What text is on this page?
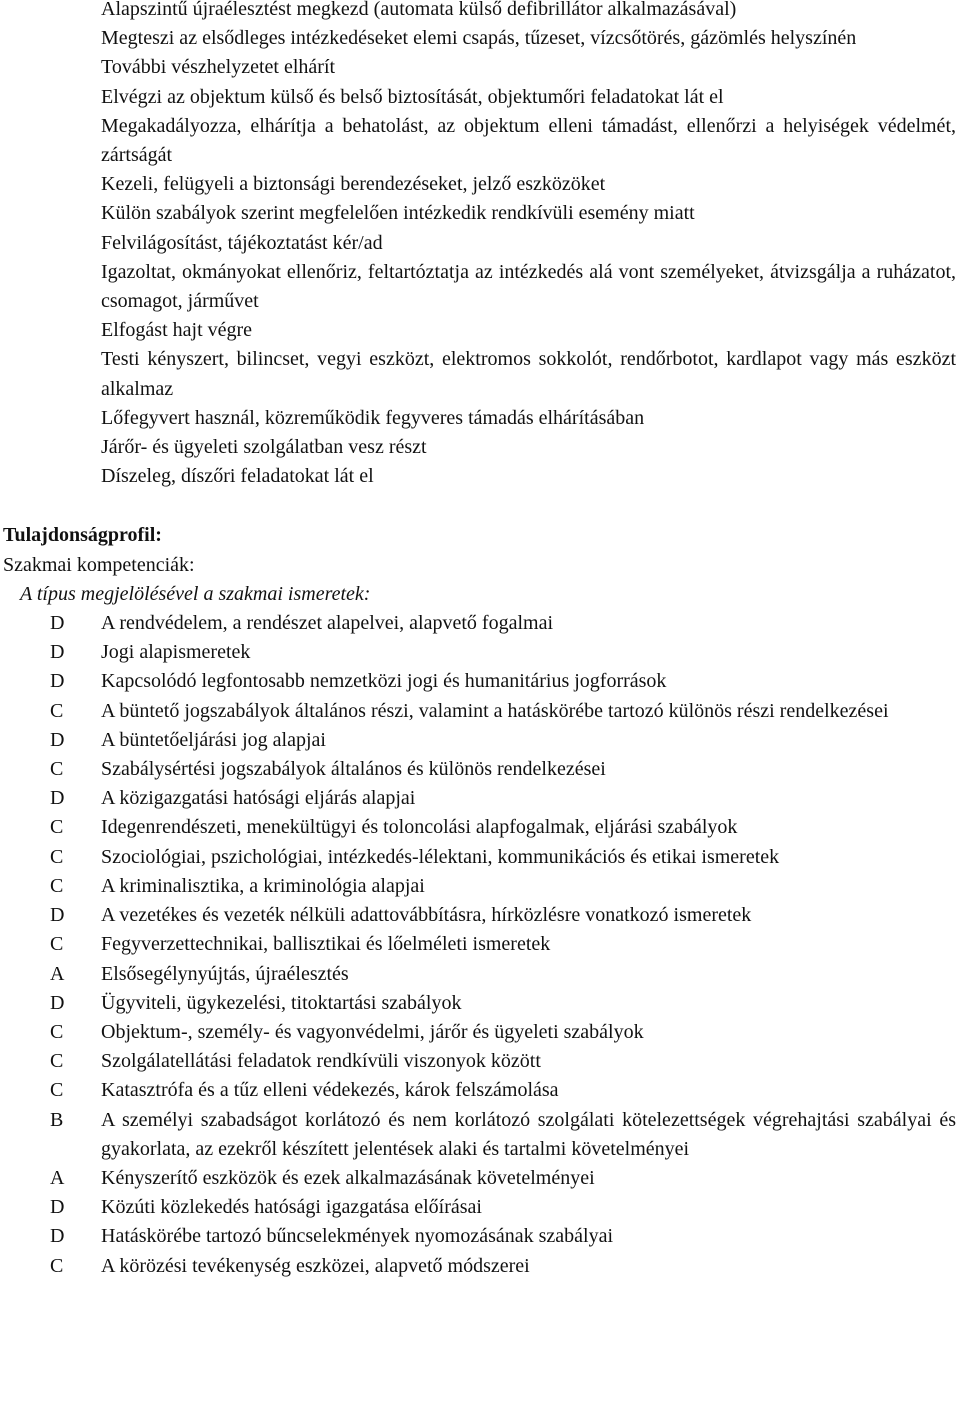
Alapszintű újraélesztést megkezd (automata külső defibrillátor alkalmazásával)
Megteszi az elsődleges intézkedéseket elemi csapás, tűzeset, vízcsőtörés, gázömlés helyszínén
További vészhelyzetet elhárít
Elvégzi az objektum külső és belső biztosítását, objektumőri feladatokat lát el
Megakadályozza, elhárítja a behatolást, az objektum elleni támadást, ellenőrzi a helyiségek védelmét, zártságát
Kezeli, felügyeli a biztonsági berendezéseket, jelző eszközöket
Külön szabályok szerint megfelelően intézkedik rendkívüli esemény miatt
Felvilágosítást, tájékoztatást kér/ad
Igazoltat, okmányokat ellenőriz, feltartóztatja az intézkedés alá vont személyeket, átvizsgálja a ruházatot, csomagot, járművet
Elfogást hajt végre
Testi kényszert, bilincset, vegyi eszközt, elektromos sokkolót, rendőrbotot, kardlapot vagy más eszközt alkalmaz
Lőfegyvert használ, közreműködik fegyveres támadás elhárításában
Járőr- és ügyeleti szolgálatban vesz részt
Díszeleg, díszőri feladatokat lát el
Tulajdonságprofil:
Szakmai kompetenciák:
A típus megjelölésével a szakmai ismeretek:
D	A rendvédelem, a rendészet alapelvei, alapvető fogalmai
D	Jogi alapismeretek
D	Kapcsolódó legfontosabb nemzetközi jogi és humanitárius jogforrások
C	A büntető jogszabályok általános részi, valamint a hatáskörébe tartozó különös részi rendelkezései
D	A büntetőeljárási jog alapjai
C	Szabálysértési jogszabályok általános és különös rendelkezései
D	A közigazgatási hatósági eljárás alapjai
C	Idegenrendészeti, menekültügyi és toloncolási alapfogalmak, eljárási szabályok
C	Szociológiai, pszichológiai, intézkedés-lélektani, kommunikációs és etikai ismeretek
C	A kriminalisztika, a kriminológia alapjai
D	A vezetékes és vezeték nélküli adattovábbításra, hírközlésre vonatkozó ismeretek
C	Fegyverzettechnikai, ballisztikai és lőelméleti ismeretek
A	Elsősegélynyújtás, újraélesztés
D	Ügyviteli, ügykezelési, titoktartási szabályok
C	Objektum-, személy- és vagyonvédelmi, járőr és ügyeleti szabályok
C	Szolgálatellátási feladatok rendkívüli viszonyok között
C	Katasztrófa és a tűz elleni védekezés, károk felszámolása
B	A személyi szabadságot korlátozó és nem korlátozó szolgálati kötelezettségek végrehajtási szabályai és gyakorlata, az ezekről készített jelentések alaki és tartalmi követelményei
A	Kényszerítő eszközök és ezek alkalmazásának követelményei
D	Közúti közlekedés hatósági igazgatása előírásai
D	Hatáskörébe tartozó bűncselekmények nyomozásának szabályai
C	A körözési tevékenység eszközei, alapvető módszerei
